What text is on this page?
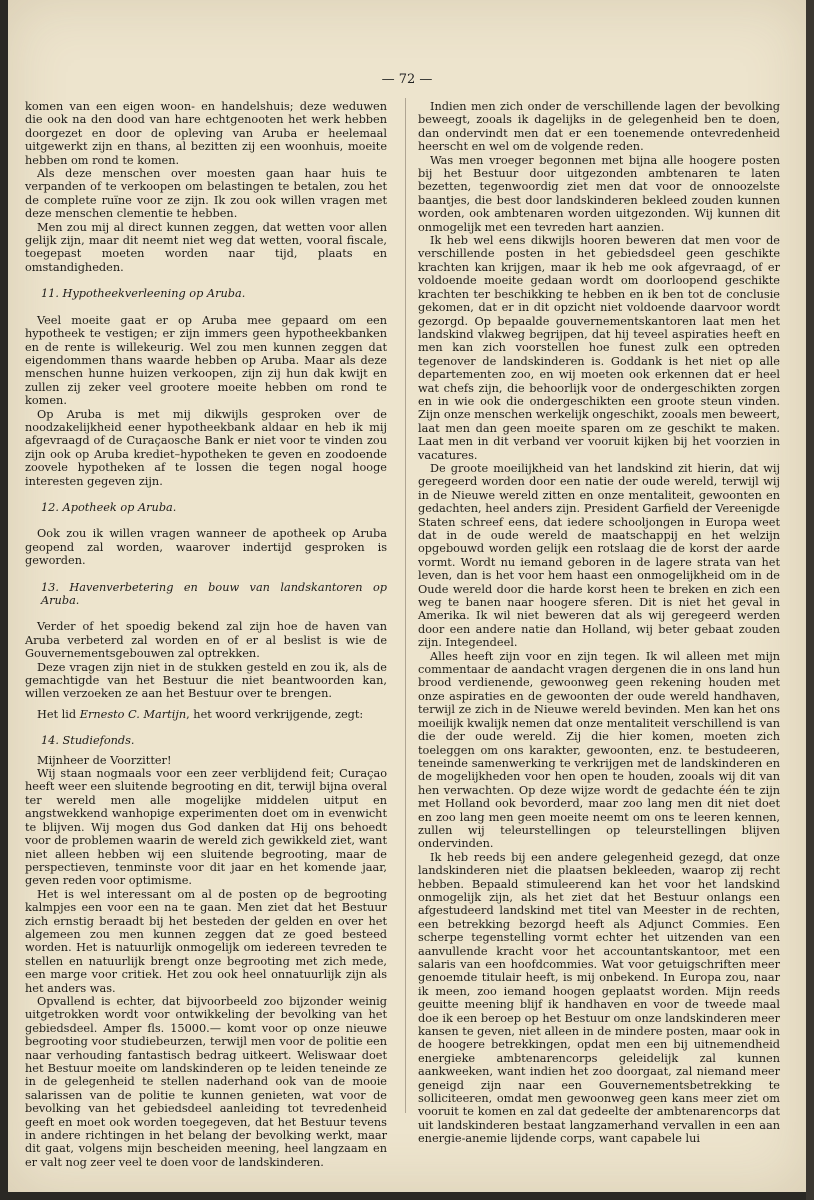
— 72 —

komen van een eigen woon- en handelshuis; deze weduwen die ook na den dood van hare echtgenooten het werk hebben doorgezet en door de opleving van Aruba er heelemaal uitgewerkt zijn en thans, al bezitten zij een woonhuis, moeite hebben om rond te komen.

Als deze menschen over moesten gaan haar huis te verpanden of te verkoopen om belastingen te betalen, zou het de complete ruïne voor ze zijn. Ik zou ook willen vragen met deze menschen clementie te hebben.

Men zou mij al direct kunnen zeggen, dat wetten voor allen gelijk zijn, maar dit neemt niet weg dat wetten, vooral fiscale, toegepast moeten worden naar tijd, plaats en omstandigheden.

11. Hypotheekverleening op Aruba.

Veel moeite gaat er op Aruba mee gepaard om een hypotheek te vestigen; er zijn immers geen hypotheekbanken en de rente is willekeurig. Wel zou men kunnen zeggen dat eigendommen thans waarde hebben op Aruba. Maar als deze menschen hunne huizen verkoopen, zijn zij hun dak kwijt en zullen zij zeker veel grootere moeite hebben om rond te komen.

Op Aruba is met mij dikwijls gesproken over de noodzakelijkheid eener hypotheekbank aldaar en heb ik mij afgevraagd of de Curaçaosche Bank er niet voor te vinden zou zijn ook op Aruba krediet–hypotheken te geven en zoodoende zoovele hypotheken af te lossen die tegen nogal hooge interesten gegeven zijn.

12. Apotheek op Aruba.

Ook zou ik willen vragen wanneer de apotheek op Aruba geopend zal worden, waarover indertijd gesproken is geworden.

13. Havenverbetering en bouw van landskantoren op Aruba.

Verder of het spoedig bekend zal zijn hoe de haven van Aruba verbeterd zal worden en of er al beslist is wie de Gouvernementsgebouwen zal optrekken.

Deze vragen zijn niet in de stukken gesteld en zou ik, als de gemachtigde van het Bestuur die niet beantwoorden kan, willen verzoeken ze aan het Bestuur over te brengen.

Het lid Ernesto C. Martijn, het woord verkrijgende, zegt:

14. Studiefonds.

Mijnheer de Voorzitter!

Wij staan nogmaals voor een zeer verblijdend feit; Curaçao heeft weer een sluitende begrooting en dit, terwijl bijna overal ter wereld men alle mogelijke middelen uitput en angstwekkend wanhopige experimenten doet om in evenwicht te blijven. Wij mogen dus God danken dat Hij ons behoedt voor de problemen waarin de wereld zich gewikkeld ziet, want niet alleen hebben wij een sluitende begrooting, maar de perspectieven, tenminste voor dit jaar en het komende jaar, geven reden voor optimisme.

Het is wel interessant om al de posten op de begrooting kalmpjes een voor een na te gaan. Men ziet dat het Bestuur zich ernstig beraadt bij het besteden der gelden en over het algemeen zou men kunnen zeggen dat ze goed besteed worden. Het is natuurlijk onmogelijk om iedereen tevreden te stellen en natuurlijk brengt onze begrooting met zich mede, een marge voor critiek. Het zou ook heel onnatuurlijk zijn als het anders was.

Opvallend is echter, dat bijvoorbeeld zoo bijzonder weinig uitgetrokken wordt voor ontwikkeling der bevolking van het gebiedsdeel. Amper fls. 15000.— komt voor op onze nieuwe begrooting voor studiebeurzen, terwijl men voor de politie een naar verhouding fantastisch bedrag uitkeert. Weliswaar doet het Bestuur moeite om landskinderen op te leiden teneinde ze in de gelegenheid te stellen naderhand ook van de mooie salarissen van de politie te kunnen genieten, wat voor de bevolking van het gebiedsdeel aanleiding tot tevredenheid geeft en moet ook worden toegegeven, dat het Bestuur tevens in andere richtingen in het belang der bevolking werkt, maar dit gaat, volgens mijn bescheiden meening, heel langzaam en er valt nog zeer veel te doen voor de landskinderen.

Indien men zich onder de verschillende lagen der bevolking beweegt, zooals ik dagelijks in de gelegenheid ben te doen, dan ondervindt men dat er een toenemende ontevredenheid heerscht en wel om de volgende reden.

Was men vroeger begonnen met bijna alle hoogere posten bij het Bestuur door uitgezonden ambtenaren te laten bezetten, tegenwoordig ziet men dat voor de onnoozelste baantjes, die best door landskinderen bekleed zouden kunnen worden, ook ambtenaren worden uitgezonden. Wij kunnen dit onmogelijk met een tevreden hart aanzien.

Ik heb wel eens dikwijls hooren beweren dat men voor de verschillende posten in het gebiedsdeel geen geschikte krachten kan krijgen, maar ik heb me ook afgevraagd, of er voldoende moeite gedaan wordt om doorloopend geschikte krachten ter beschikking te hebben en ik ben tot de conclusie gekomen, dat er in dit opzicht niet voldoende daarvoor wordt gezorgd. Op bepaalde gouvernementskantoren laat men het landskind vlakweg begrijpen, dat hij teveel aspiraties heeft en men kan zich voorstellen hoe funest zulk een optreden tegenover de landskinderen is. Goddank is het niet op alle departementen zoo, en wij moeten ook erkennen dat er heel wat chefs zijn, die behoorlijk voor de ondergeschikten zorgen en in wie ook die ondergeschikten een groote steun vinden. Zijn onze menschen werkelijk ongeschikt, zooals men beweert, laat men dan geen moeite sparen om ze geschikt te maken. Laat men in dit verband ver vooruit kijken bij het voorzien in vacatures.

De groote moeilijkheid van het landskind zit hierin, dat wij geregeerd worden door een natie der oude wereld, terwijl wij in de Nieuwe wereld zitten en onze mentaliteit, gewoonten en gedachten, heel anders zijn. President Garfield der Vereenigde Staten schreef eens, dat iedere schooljongen in Europa weet dat in de oude wereld de maatschappij en het welzijn opgebouwd worden gelijk een rotslaag die de korst der aarde vormt. Wordt nu iemand geboren in de lagere strata van het leven, dan is het voor hem haast een onmogelijkheid om in de Oude wereld door die harde korst heen te breken en zich een weg te banen naar hoogere sferen. Dit is niet het geval in Amerika. Ik wil niet beweren dat als wij geregeerd werden door een andere natie dan Holland, wij beter gebaat zouden zijn. Integendeel.

Alles heeft zijn voor en zijn tegen. Ik wil alleen met mijn commentaar de aandacht vragen dergenen die in ons land hun brood verdienende, gewoonweg geen rekening houden met onze aspiraties en de gewoonten der oude wereld handhaven, terwijl ze zich in de Nieuwe wereld bevinden. Men kan het ons moeilijk kwalijk nemen dat onze mentaliteit verschillend is van die der oude wereld. Zij die hier komen, moeten zich toeleggen om ons karakter, gewoonten, enz. te bestudeeren, teneinde samenwerking te verkrijgen met de landskinderen en de mogelijkheden voor hen open te houden, zooals wij dit van hen verwachten. Op deze wijze wordt de gedachte één te zijn met Holland ook bevorderd, maar zoo lang men dit niet doet en zoo lang men geen moeite neemt om ons te leeren kennen, zullen wij teleurstellingen op teleurstellingen blijven ondervinden.

Ik heb reeds bij een andere gelegenheid gezegd, dat onze landskinderen niet die plaatsen bekleeden, waarop zij recht hebben. Bepaald stimuleerend kan het voor het landskind onmogelijk zijn, als het ziet dat het Bestuur onlangs een afgestudeerd landskind met titel van Meester in de rechten, een betrekking bezorgd heeft als Adjunct Commies. Een scherpe tegenstelling vormt echter het uitzenden van een aanvullende kracht voor het accountantskantoor, met een salaris van een hoofdcommies. Wat voor getuigschriften meer genoemde titulair heeft, is mij onbekend. In Europa zou, naar ik meen, zoo iemand hoogen geplaatst worden. Mijn reeds geuitte meening blijf ik handhaven en voor de tweede maal doe ik een beroep op het Bestuur om onze landskinderen meer kansen te geven, niet alleen in de mindere posten, maar ook in de hoogere betrekkingen, opdat men een bij uitnemendheid energieke ambtenarencorps geleidelijk zal kunnen aankweeken, want indien het zoo doorgaat, zal niemand meer geneigd zijn naar een Gouvernementsbetrekking te solliciteeren, omdat men gewoonweg geen kans meer ziet om vooruit te komen en zal dat gedeelte der ambtenarencorps dat uit landskinderen bestaat langzamerhand vervallen in een aan energie-anemie lijdende corps, want capabele lui
